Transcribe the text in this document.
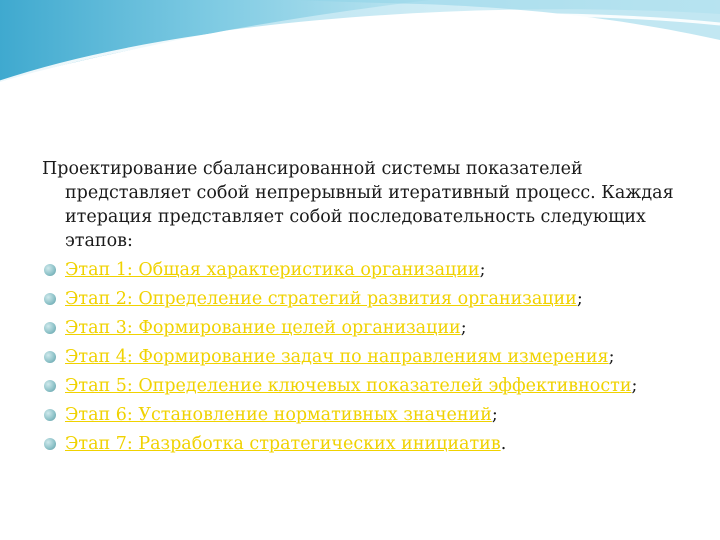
Проектирование сбалансированной системы показателей представляет собой непрерывный итеративный процесс. Каждая итерация представляет собой последовательность следующих этапов:

Этап 1: Общая характеристика организации;
Этап 2: Определение стратегий развития организации;
Этап 3: Формирование целей организации;
Этап 4: Формирование задач по направлениям измерения;
Этап 5: Определение ключевых показателей эффективности;
Этап 6: Установление нормативных значений;
Этап 7: Разработка стратегических инициатив.
